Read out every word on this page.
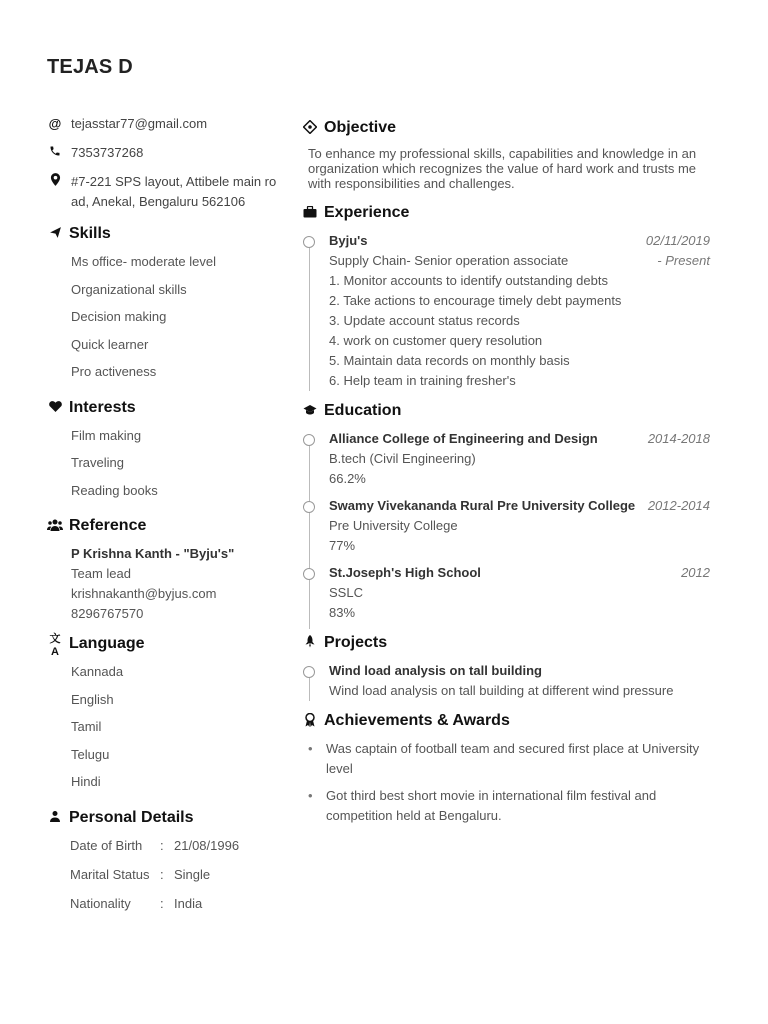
TEJAS D
@ tejasstar77@gmail.com
7353737268
#7-221 SPS layout, Attibele main road, Anekal, Bengaluru 562106
Skills
Ms office- moderate level
Organizational skills
Decision making
Quick learner
Pro activeness
Interests
Film making
Traveling
Reading books
Reference
P Krishna Kanth - "Byju's"
Team lead
krishnakanth@byjus.com
8296767570
文A Language
Kannada
English
Tamil
Telugu
Hindi
Personal Details
Date of Birth	: 21/08/1996
Marital Status : Single
Nationality	: India
Objective
To enhance my professional skills, capabilities and knowledge in an organization which recognizes the value of hard work and trusts me with responsibilities and challenges.
Experience
Byju's	02/11/2019
Supply Chain- Senior operation associate	- Present
1. Monitor accounts to identify outstanding debts
2. Take actions to encourage timely debt payments
3. Update account status records
4. work on customer query resolution
5. Maintain data records on monthly basis
6. Help team in training fresher's
Education
Alliance College of Engineering and Design	2014-2018
B.tech (Civil Engineering)
66.2%
Swamy Vivekananda Rural Pre University College 2012-2014
Pre University College
77%
St.Joseph's High School	2012
SSLC
83%
Projects
Wind load analysis on tall building
Wind load analysis on tall building at different wind pressure
Achievements & Awards
• Was captain of football team and secured first place at University level
• Got third best short movie in international film festival and competition held at Bengaluru.
